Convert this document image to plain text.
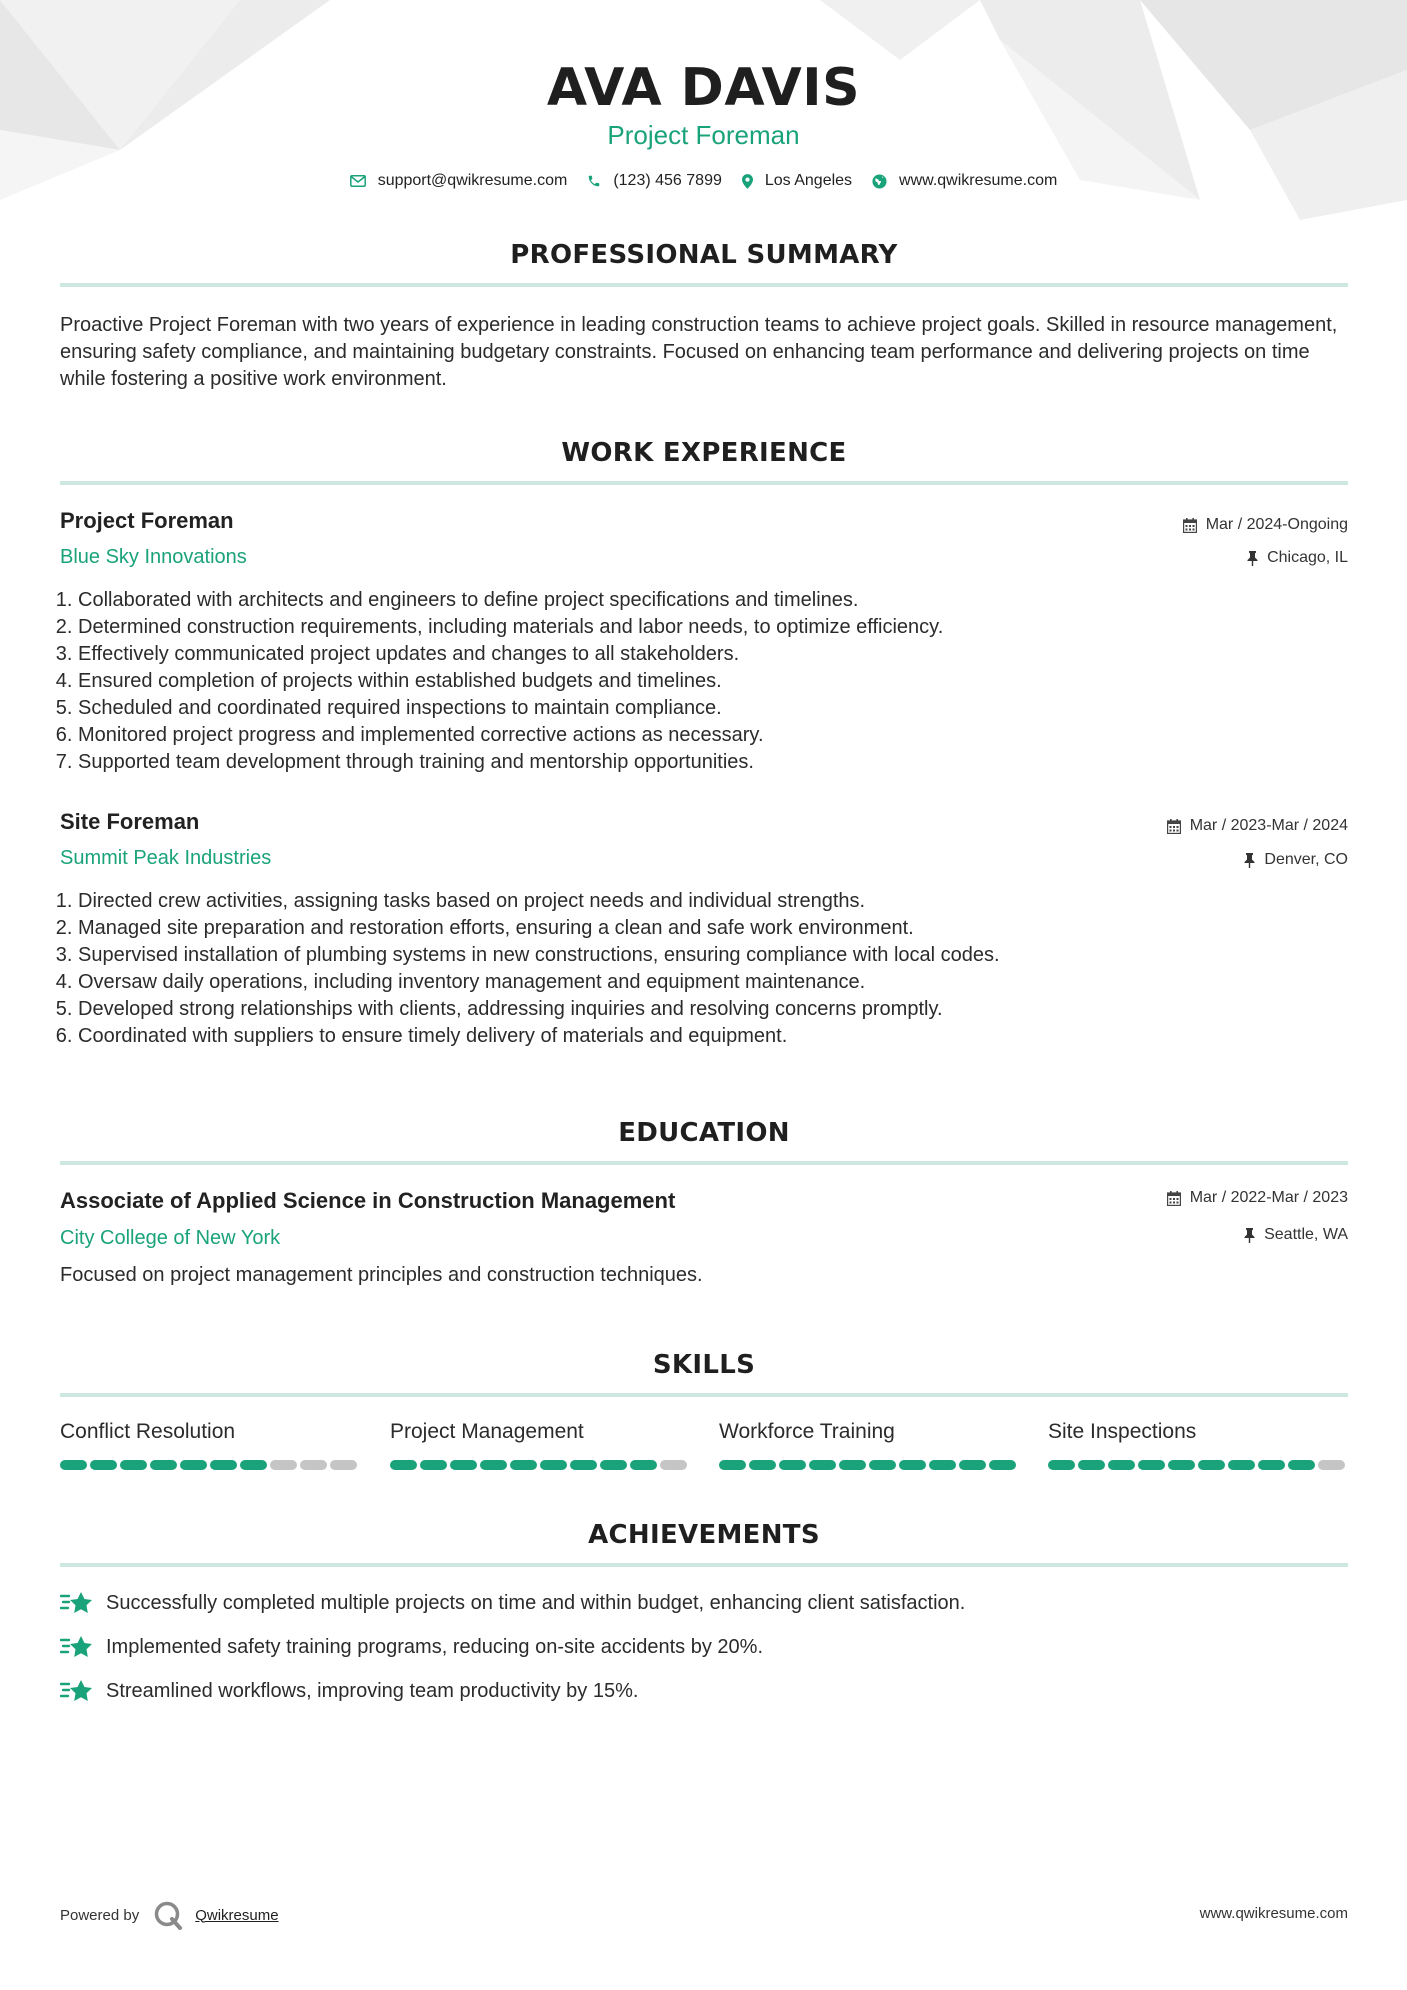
AVA DAVIS
Project Foreman
support@qwikresume.com	(123) 456 7899	Los Angeles	www.qwikresume.com
PROFESSIONAL SUMMARY
Proactive Project Foreman with two years of experience in leading construction teams to achieve project goals. Skilled in resource management, ensuring safety compliance, and maintaining budgetary constraints. Focused on enhancing team performance and delivering projects on time while fostering a positive work environment.
WORK EXPERIENCE
Project Foreman	Mar / 2024-Ongoing
Blue Sky Innovations	Chicago, IL
1. Collaborated with architects and engineers to define project specifications and timelines.
2. Determined construction requirements, including materials and labor needs, to optimize efficiency.
3. Effectively communicated project updates and changes to all stakeholders.
4. Ensured completion of projects within established budgets and timelines.
5. Scheduled and coordinated required inspections to maintain compliance.
6. Monitored project progress and implemented corrective actions as necessary.
7. Supported team development through training and mentorship opportunities.
Site Foreman	Mar / 2023-Mar / 2024
Summit Peak Industries	Denver, CO
1. Directed crew activities, assigning tasks based on project needs and individual strengths.
2. Managed site preparation and restoration efforts, ensuring a clean and safe work environment.
3. Supervised installation of plumbing systems in new constructions, ensuring compliance with local codes.
4. Oversaw daily operations, including inventory management and equipment maintenance.
5. Developed strong relationships with clients, addressing inquiries and resolving concerns promptly.
6. Coordinated with suppliers to ensure timely delivery of materials and equipment.
EDUCATION
Associate of Applied Science in Construction Management	Mar / 2022-Mar / 2023
City College of New York	Seattle, WA
Focused on project management principles and construction techniques.
SKILLS
Conflict Resolution	Project Management	Workforce Training	Site Inspections
ACHIEVEMENTS
Successfully completed multiple projects on time and within budget, enhancing client satisfaction.
Implemented safety training programs, reducing on-site accidents by 20%.
Streamlined workflows, improving team productivity by 15%.
Powered by	Qwikresume	www.qwikresume.com
